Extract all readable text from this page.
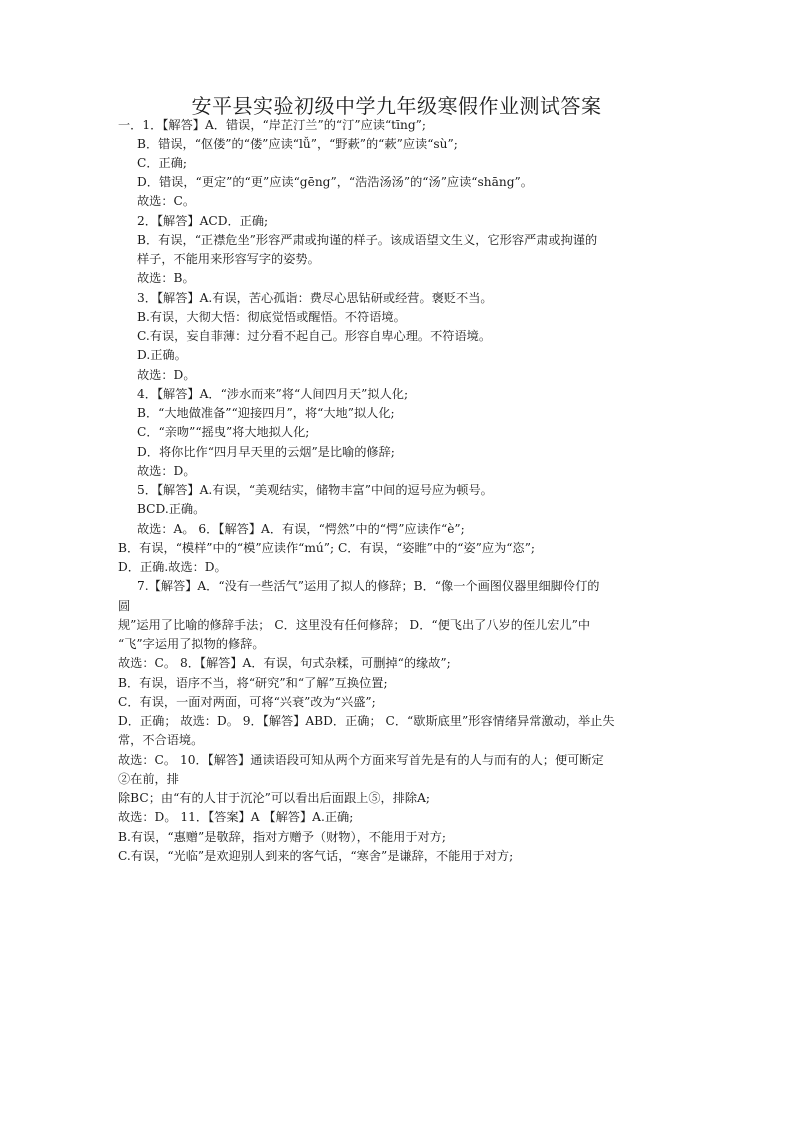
安平县实验初级中学九年级寒假作业测试答案
一．1．【解答】A．错误，“岸芷汀兰”的“汀”应读“tīng”;
B．错误，“伛偻”的“偻”应读“lǚ”，“野蔌”的“蔌”应读“sù”;
C．正确;
D．错误，“更定”的“更”应读“gēng”，“浩浩汤汤”的“汤”应读“shāng”。
故选：C。
2．【解答】ACD．正确;
B．有误，“正襟危坐”形容严肃或拘谨的样子。该成语望文生义，它形容严肃或拘谨的
样子，不能用来形容写字的姿势。
故选：B。
3．【解答】A.有误，苦心孤诣：费尽心思钻研或经营。褒贬不当。
B.有误，大彻大悟：彻底觉悟或醒悟。不符语境。
C.有误，妄自菲薄：过分看不起自己。形容自卑心理。不符语境。
D.正确。
故选：D。
4．【解答】A．“涉水而来”将“人间四月天”拟人化;
B．“大地做准备”“迎接四月”，将“大地”拟人化;
C．“亲吻”“摇曳”将大地拟人化;
D．将你比作“四月早天里的云烟”是比喻的修辞;
故选：D。
5．【解答】A.有误，“美观结实，储物丰富”中间的逗号应为顿号。
BCD.正确。
故选：A。 6．【解答】A．有误，“愕然”中的“愕”应读作“è”;
B．有误，“模样”中的“模”应读作“mú”; C．有误，“姿睢”中的“姿”应为“恣”;
D．正确.故选：D。
7.【解答】A．“没有一些活气”运用了拟人的修辞；B．“像一个画图仪器里细脚伶仃的
圆
规”运用了比喻的修辞手法； C．这里没有任何修辞； D．“便飞出了八岁的侄儿宏儿”中
“飞”字运用了拟物的修辞。
故选：C。 8．【解答】A．有误，句式杂糅，可删掉“的缘故”;
B．有误，语序不当，将“研究”和“了解”互换位置;
C．有误，一面对两面，可将“兴衰”改为“兴盛”;
D．正确； 故选：D。 9．【解答】ABD．正确； C．“歇斯底里”形容情绪异常激动，举止失
常，不合语境。
故选：C。 10．【解答】通读语段可知从两个方面来写首先是有的人与而有的人；便可断定
②在前，排
除BC；由“有的人甘于沉沦”可以看出后面跟上⑤，排除A;
故选：D。 11．【答案】A 【解答】A.正确;
B.有误，“惠赠”是敬辞，指对方赠予（财物），不能用于对方;
C.有误，“光临”是欢迎别人到来的客气话，“寒舍”是谦辞，不能用于对方;
